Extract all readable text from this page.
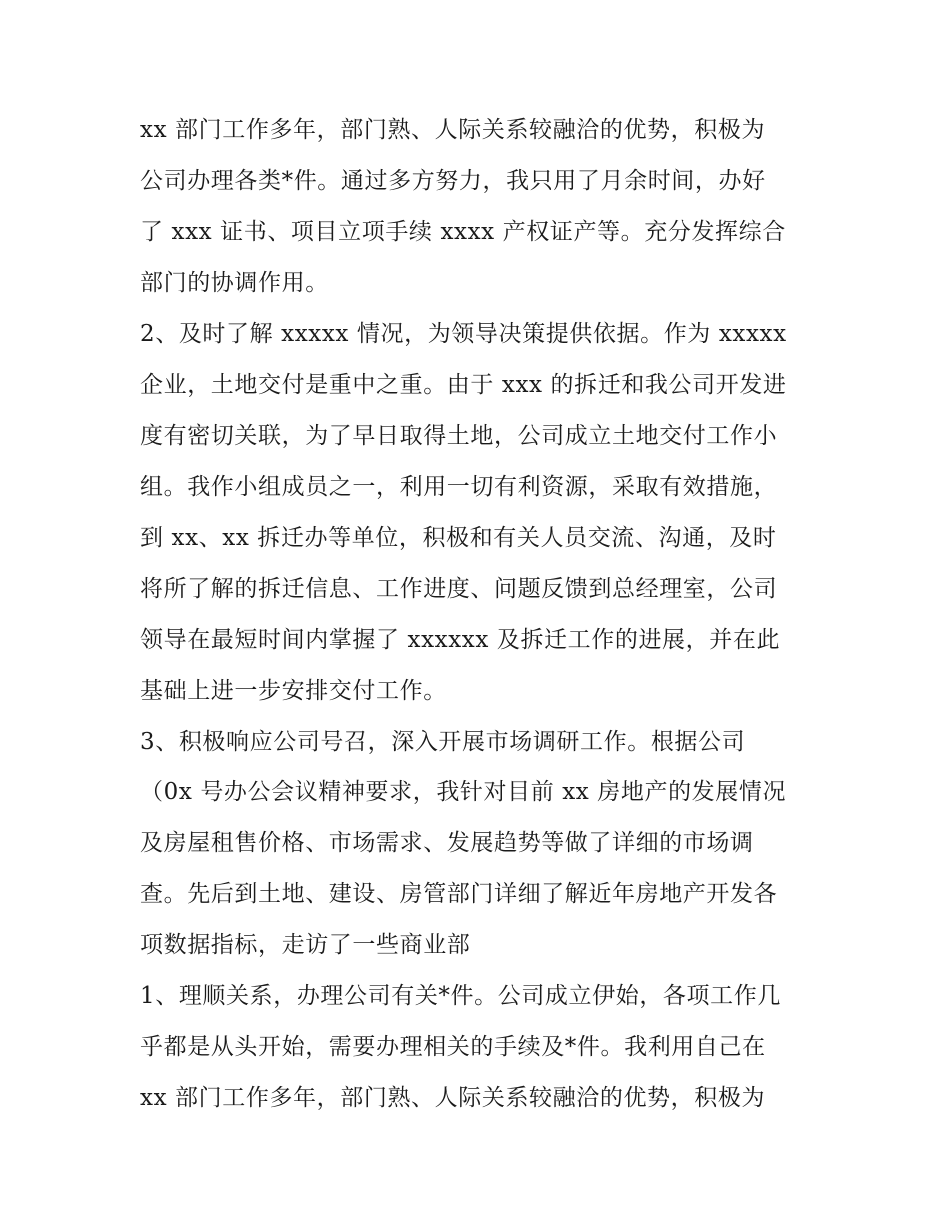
xx 部门工作多年，部门熟、人际关系较融洽的优势，积极为
公司办理各类*件。通过多方努力，我只用了月余时间，办好
了 xxx 证书、项目立项手续 xxxx 产权证产等。充分发挥综合
部门的协调作用。
2、及时了解 xxxxx 情况，为领导决策提供依据。作为 xxxxx
企业，土地交付是重中之重。由于 xxx 的拆迁和我公司开发进
度有密切关联，为了早日取得土地，公司成立土地交付工作小
组。我作小组成员之一，利用一切有利资源，采取有效措施，
到 xx、xx 拆迁办等单位，积极和有关人员交流、沟通，及时
将所了解的拆迁信息、工作进度、问题反馈到总经理室，公司
领导在最短时间内掌握了 xxxxxx 及拆迁工作的进展，并在此
基础上进一步安排交付工作。
3、积极响应公司号召，深入开展市场调研工作。根据公司
（0x 号办公会议精神要求，我针对目前 xx 房地产的发展情况
及房屋租售价格、市场需求、发展趋势等做了详细的市场调
查。先后到土地、建设、房管部门详细了解近年房地产开发各
项数据指标，走访了一些商业部
1、理顺关系，办理公司有关*件。公司成立伊始，各项工作几
乎都是从头开始，需要办理相关的手续及*件。我利用自己在
xx 部门工作多年，部门熟、人际关系较融洽的优势，积极为
